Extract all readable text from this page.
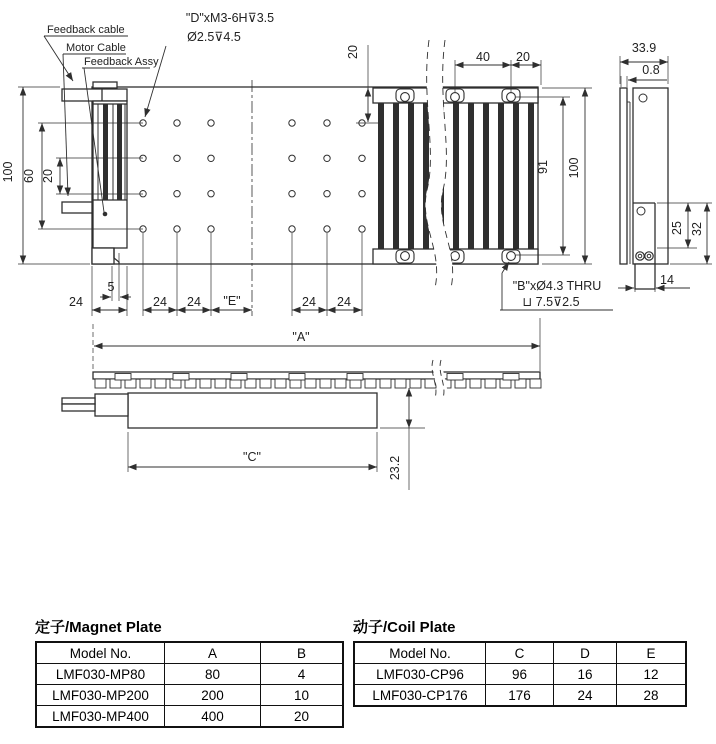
Feedback cable
Motor Cable
Feedback Assy
"D"xM3-6H⊽3.5
Ø2.5⊽4.5
"B"xØ4.3 THRU
⊔ 7.5⊽2.5
20	40 20
33.9
0.8
100 60 20
91 100
25 32
14
24
5
24 24 "E"	24 24
"A"
"C"	23.2
定子/Magnet Plate
Model No.	A	B
LMF030-MP80	80	4
LMF030-MP200	200	10
LMF030-MP400	400	20
动子/Coil Plate
Model No.	C	D	E
LMF030-CP96	96	16	12
LMF030-CP176	176	24	28
